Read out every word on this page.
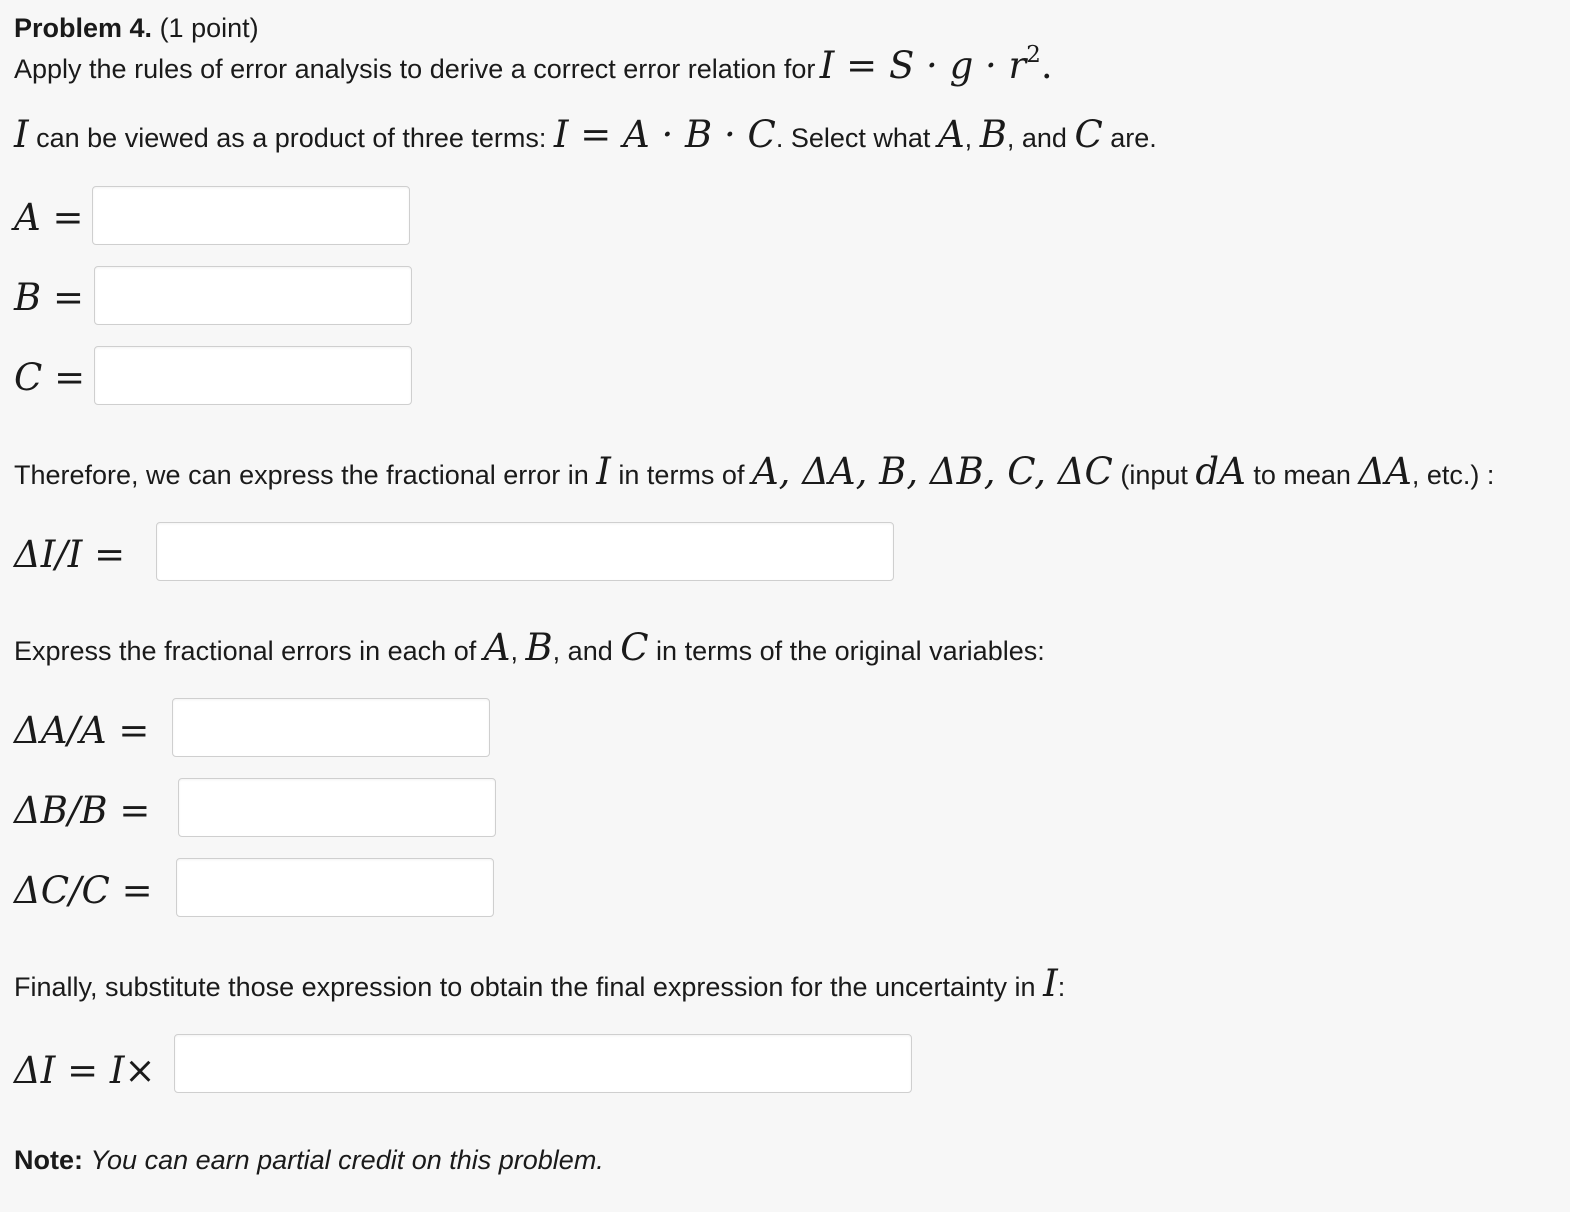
Problem 4. (1 point)
Apply the rules of error analysis to derive a correct error relation for $I = S \cdot g \cdot r^2$.
I can be viewed as a product of three terms: I = A · B · C. Select what A, B, and C are.
A =
B =
C =
Therefore, we can express the fractional error in I in terms of A, ΔA, B, ΔB, C, ΔC (input dA to mean ΔA, etc.) :
ΔI/I =
Express the fractional errors in each of A, B, and C in terms of the original variables:
ΔA/A =
ΔB/B =
ΔC/C =
Finally, substitute those expression to obtain the final expression for the uncertainty in I:
ΔI = I×
Note: You can earn partial credit on this problem.
